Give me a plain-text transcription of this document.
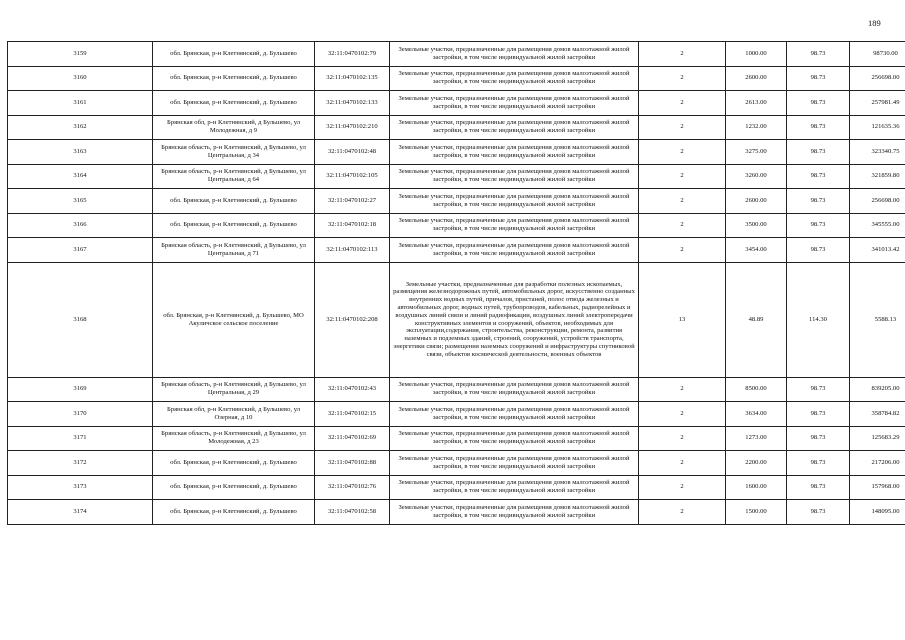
189
3159	обл. Брянская, р-н Клетнянский, д. Бульшево	32:11:0470102:79	Земельные участки, предназначенные для размещения домов малоэтажной жилой застройки, в том числе индивидуальной жилой застройки	2	1000.00	98.73	98730.00
3160	обл. Брянская, р-н Клетнянский, д. Бульшево	32:11:0470102:135	Земельные участки, предназначенные для размещения домов малоэтажной жилой застройки, в том числе индивидуальной жилой застройки	2	2600.00	98.73	256698.00
3161	обл. Брянская, р-н Клетнянский, д. Бульшево	32:11:0470102:133	Земельные участки, предназначенные для размещения домов малоэтажной жилой застройки, в том числе индивидуальной жилой застройки	2	2613.00	98.73	257981.49
3162	Брянская обл, р-н Клетнянский, д Бульшево, ул Молодежная, д 9	32:11:0470102:210	Земельные участки, предназначенные для размещения домов малоэтажной жилой застройки, в том числе индивидуальной жилой застройки	2	1232.00	98.73	121635.36
3163	Брянская область, р-н Клетнянский, д Бульшево, ул Центральная, д 34	32:11:0470102:48	Земельные участки, предназначенные для размещения домов малоэтажной жилой застройки, в том числе индивидуальной жилой застройки	2	3275.00	98.73	323340.75
3164	Брянская область, р-н Клетнянский, д Бульшево, ул Центральная, д 64	32:11:0470102:105	Земельные участки, предназначенные для размещения домов малоэтажной жилой застройки, в том числе индивидуальной жилой застройки	2	3260.00	98.73	321859.80
3165	обл. Брянская, р-н Клетнянский, д. Бульшево	32:11:0470102:27	Земельные участки, предназначенные для размещения домов малоэтажной жилой застройки, в том числе индивидуальной жилой застройки	2	2600.00	98.73	256698.00
3166	обл. Брянская, р-н Клетнянский, д. Бульшево	32:11:0470102:18	Земельные участки, предназначенные для размещения домов малоэтажной жилой застройки, в том числе индивидуальной жилой застройки	2	3500.00	98.73	345555.00
3167	Брянская область, р-н Клетнянский, д Бульшево, ул Центральная, д 71	32:11:0470102:113	Земельные участки, предназначенные для размещения домов малоэтажной жилой застройки, в том числе индивидуальной жилой застройки	2	3454.00	98.73	341013.42
3168	обл. Брянская, р-н Клетнянский, д. Бульшево, МО Акуличское сельское поселение	32:11:0470102:208	Земельные участки, предназначенные для разработки полезных ископаемых, размещения железнодорожных путей, автомобильных дорог, искусственно созданных внутренних водных путей, причалов, пристаней, полос отвода железных и автомобильных дорог, водных путей, трубопроводов, кабельных, радиорелейных и воздушных линий связи и линий радиофикации, воздушных линий электропередачи конструктивных элементов и сооружений, объектов, необходимых для эксплуатации,содержания, строительства, реконструкции, ремонта, развития наземных и подземных зданий, строений, сооружений, устройств транспорта, энергетики связи; размещения наземных сооружений и инфраструктуры спутниковой связи, объектов космической деятельности, военных объектов	13	48.89	114.30	5588.13
3169	Брянская область, р-н Клетнянский, д Бульшево, ул Центральная, д 29	32:11:0470102:43	Земельные участки, предназначенные для размещения домов малоэтажной жилой застройки, в том числе индивидуальной жилой застройки	2	8500.00	98.73	839205.00
3170	Брянская обл, р-н Клетнянский, д Бульшево, ул Озерная, д 10	32:11:0470102:15	Земельные участки, предназначенные для размещения домов малоэтажной жилой застройки, в том числе индивидуальной жилой застройки	2	3634.00	98.73	358784.82
3171	Брянская область, р-н Клетнянский, д Бульшево, ул Молодежная, д 23	32:11:0470102:69	Земельные участки, предназначенные для размещения домов малоэтажной жилой застройки, в том числе индивидуальной жилой застройки	2	1273.00	98.73	125683.29
3172	обл. Брянская, р-н Клетнянский, д. Бульшево	32:11:0470102:88	Земельные участки, предназначенные для размещения домов малоэтажной жилой застройки, в том числе индивидуальной жилой застройки	2	2200.00	98.73	217206.00
3173	обл. Брянская, р-н Клетнянский, д. Бульшево	32:11:0470102:76	Земельные участки, предназначенные для размещения домов малоэтажной жилой застройки, в том числе индивидуальной жилой застройки	2	1600.00	98.73	157968.00
3174	обл. Брянская, р-н Клетнянский, д. Бульшево	32:11:0470102:58	Земельные участки, предназначенные для размещения домов малоэтажной жилой застройки, в том числе индивидуальной жилой застройки	2	1500.00	98.73	148095.00
